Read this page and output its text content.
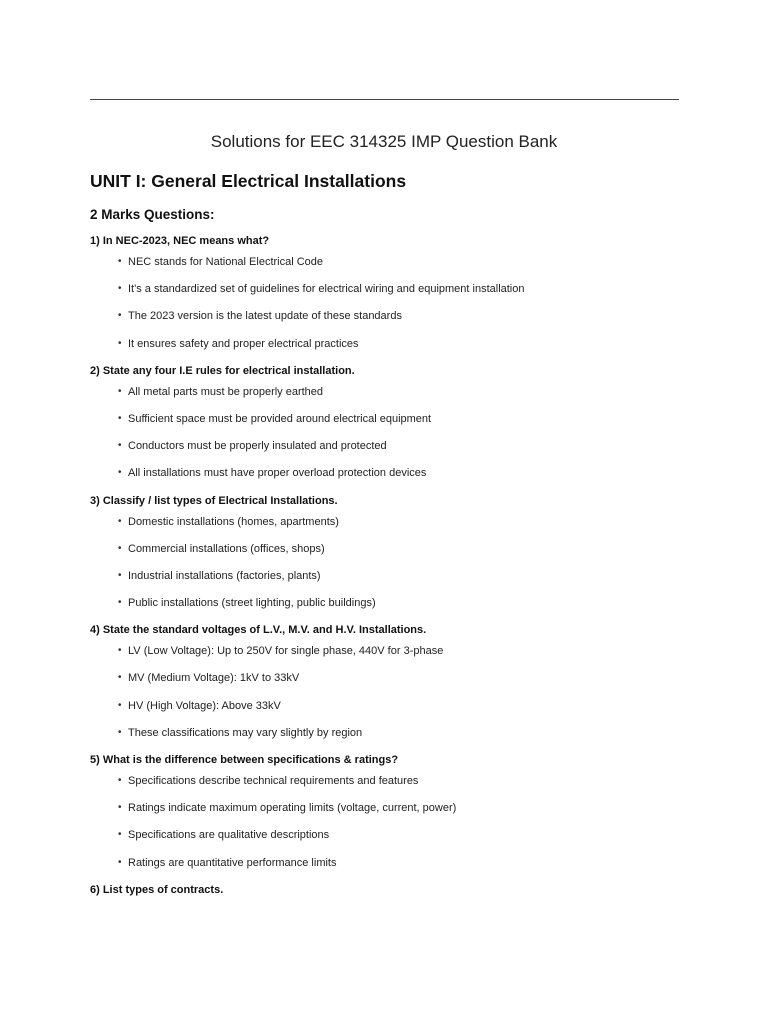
Solutions for EEC 314325 IMP Question Bank
UNIT I: General Electrical Installations
2 Marks Questions:

1) In NEC-2023, NEC means what?

• NEC stands for National Electrical Code
• It's a standardized set of guidelines for electrical wiring and equipment installation
• The 2023 version is the latest update of these standards
• It ensures safety and proper electrical practices

2) State any four I.E rules for electrical installation.

• All metal parts must be properly earthed
• Sufficient space must be provided around electrical equipment
• Conductors must be properly insulated and protected
• All installations must have proper overload protection devices

3) Classify / list types of Electrical Installations.

• Domestic installations (homes, apartments)
• Commercial installations (offices, shops)
• Industrial installations (factories, plants)
• Public installations (street lighting, public buildings)

4) State the standard voltages of L.V., M.V. and H.V. Installations.

• LV (Low Voltage): Up to 250V for single phase, 440V for 3-phase
• MV (Medium Voltage): 1kV to 33kV
• HV (High Voltage): Above 33kV
• These classifications may vary slightly by region

5) What is the difference between specifications & ratings?

• Specifications describe technical requirements and features
• Ratings indicate maximum operating limits (voltage, current, power)
• Specifications are qualitative descriptions
• Ratings are quantitative performance limits

6) List types of contracts.
